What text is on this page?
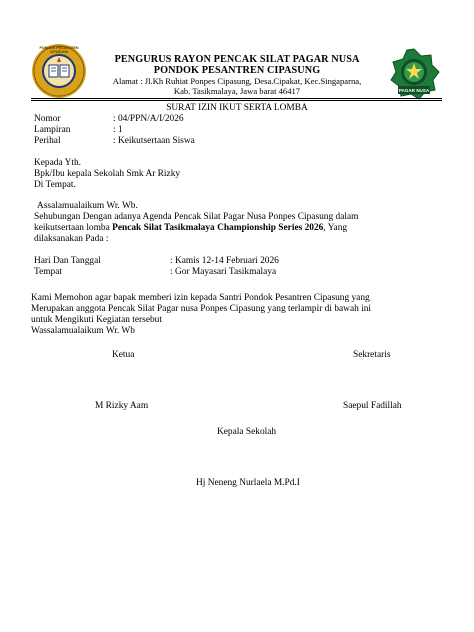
PONDOK PESANTREN CIPASUNG
PAGAR NUSA
PENGURUS RAYON PENCAK SILAT PAGAR NUSA
PONDOK PESANTREN CIPASUNG
Alamat : Jl.Kh Ruhiat Ponpes Cipasung, Desa.Cipakat, Kec.Singaparna,
Kab. Tasikmalaya, Jawa barat 46417
SURAT IZIN IKUT SERTA LOMBA
Nomor	: 04/PPN/A/I/2026
Lampiran	: 1
Perihal	: Keikutsertaan Siswa
Kepada Yth.
Bpk/Ibu kepala Sekolah Smk Ar Rizky
Di Tempat.
Assalamualaikum Wr. Wb.
Sehubungan Dengan adanya Agenda Pencak Silat Pagar Nusa Ponpes Cipasung dalam
keikutsertaan lomba Pencak Silat Tasikmalaya Championship Series 2026, Yang
dilaksanakan Pada :
Hari Dan Tanggal	: Kamis 12-14 Februari 2026
Tempat	: Gor Mayasari Tasikmalaya
Kami Memohon agar bapak memberi izin kepada Santri Pondok Pesantren Cipasung yang
Merupakan anggota Pencak Silat Pagar nusa Ponpes Cipasung yang terlampir di bawah ini
untuk Mengikuti Kegiatan tersebut
Wassalamualaikum Wr. Wb
Ketua	Sekretaris
M Rizky Aam	Saepul Fadillah
Kepala Sekolah
Hj Neneng Nurlaela M.Pd.I
